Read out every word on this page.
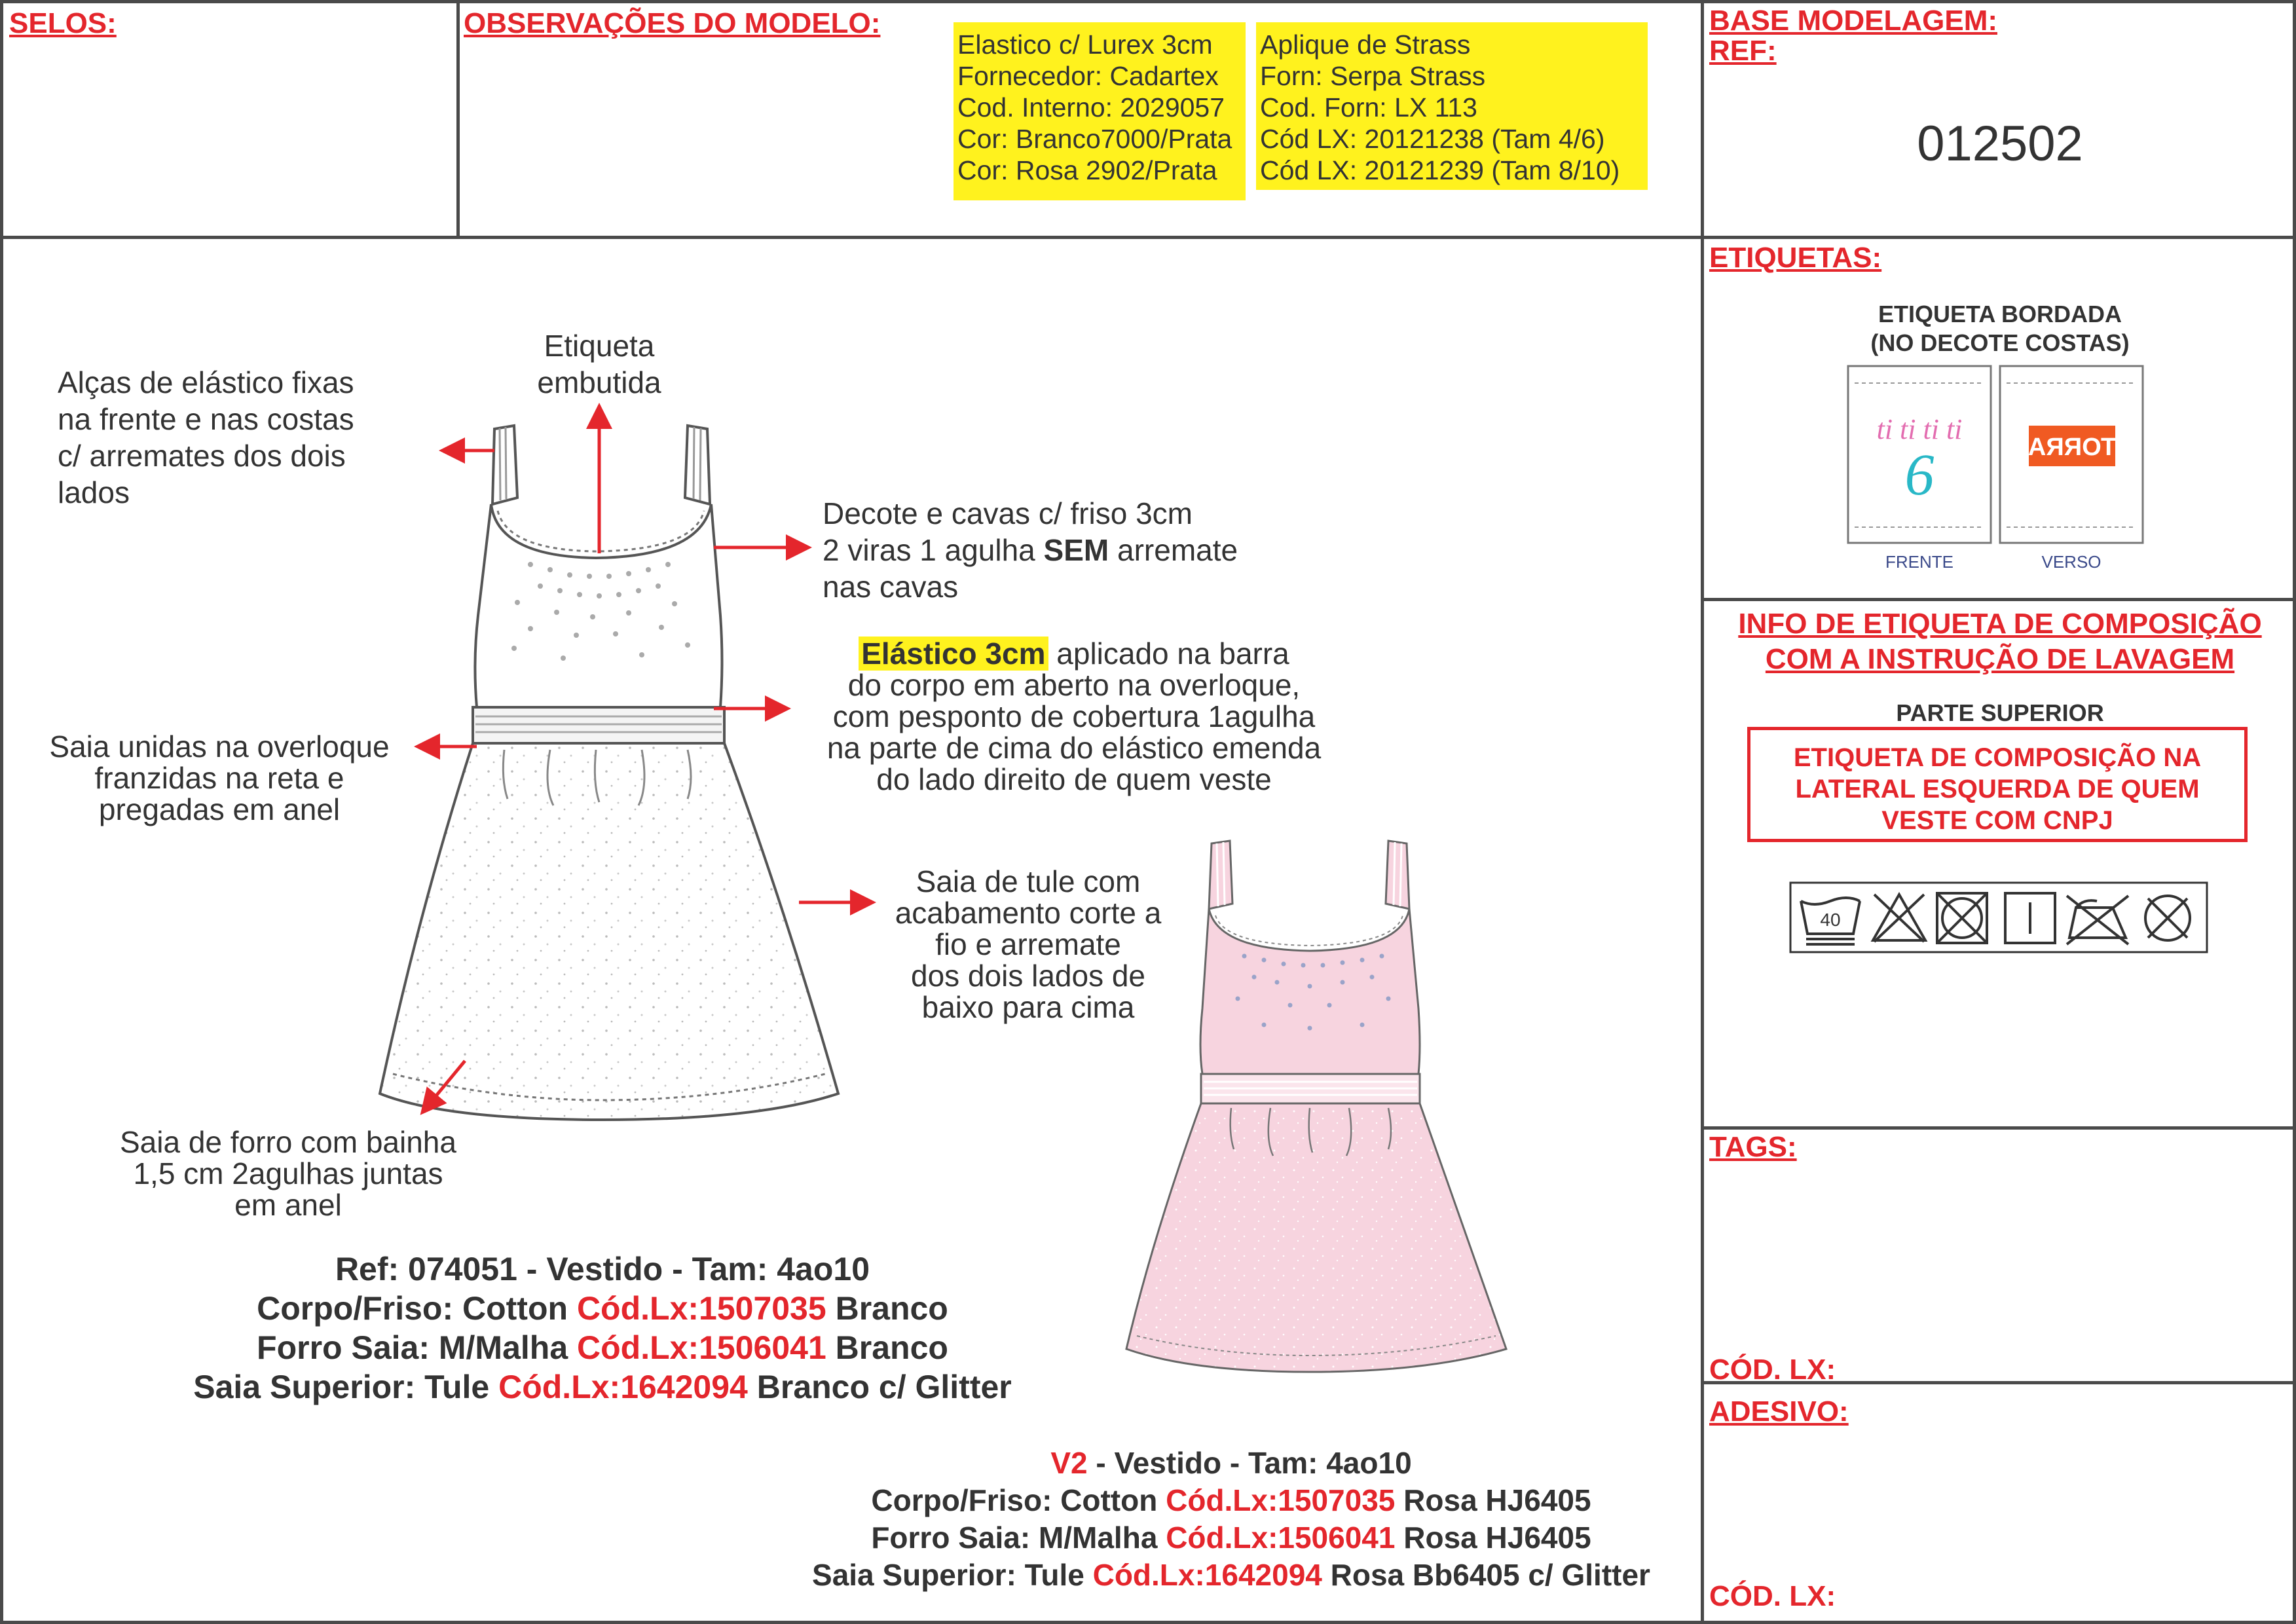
SELOS:	OBSERVAÇÕES DO MODELO:	BASE MODELAGEM:
REF:
012502
Elastico c/ Lurex 3cm
Fornecedor: Cadartex
Cod. Interno: 2029057
Cor: Branco7000/Prata
Cor: Rosa 2902/Prata
Aplique de Strass
Forn: Serpa Strass
Cod. Forn: LX 113
Cód LX: 20121238 (Tam 4/6)
Cód LX: 20121239 (Tam 8/10)
ETIQUETAS:
ETIQUETA BORDADA
(NO DECOTE COSTAS)
ti ti ti ti
6	TORRA
FRENTE	VERSO
INFO DE ETIQUETA DE COMPOSIÇÃO
COM A INSTRUÇÃO DE LAVAGEM
PARTE SUPERIOR
ETIQUETA DE COMPOSIÇÃO NA
LATERAL ESQUERDA DE QUEM
VESTE COM CNPJ
40
TAGS:
CÓD. LX:
ADESIVO:
CÓD. LX:
Alças de elástico fixas
na frente e nas costas
c/ arremates dos dois
lados
Etiqueta
embutida
Decote e cavas c/ friso 3cm
2 viras 1 agulha SEM arremate
nas cavas
Elástico 3cm aplicado na barra
do corpo em aberto na overloque,
com pesponto de cobertura 1agulha
na parte de cima do elástico emenda
do lado direito de quem veste
Saia unidas na overloque
franzidas na reta e
pregadas em anel
Saia de tule com
acabamento corte a
fio e arremate
dos dois lados de
baixo para cima
Saia de forro com bainha
1,5 cm 2agulhas juntas
em anel
Ref: 074051 - Vestido - Tam: 4ao10
Corpo/Friso: Cotton Cód.Lx:1507035 Branco
Forro Saia: M/Malha Cód.Lx:1506041 Branco
Saia Superior: Tule Cód.Lx:1642094 Branco c/ Glitter
V2 - Vestido - Tam: 4ao10
Corpo/Friso: Cotton Cód.Lx:1507035 Rosa HJ6405
Forro Saia: M/Malha Cód.Lx:1506041 Rosa HJ6405
Saia Superior: Tule Cód.Lx:1642094 Rosa Bb6405 c/ Glitter
